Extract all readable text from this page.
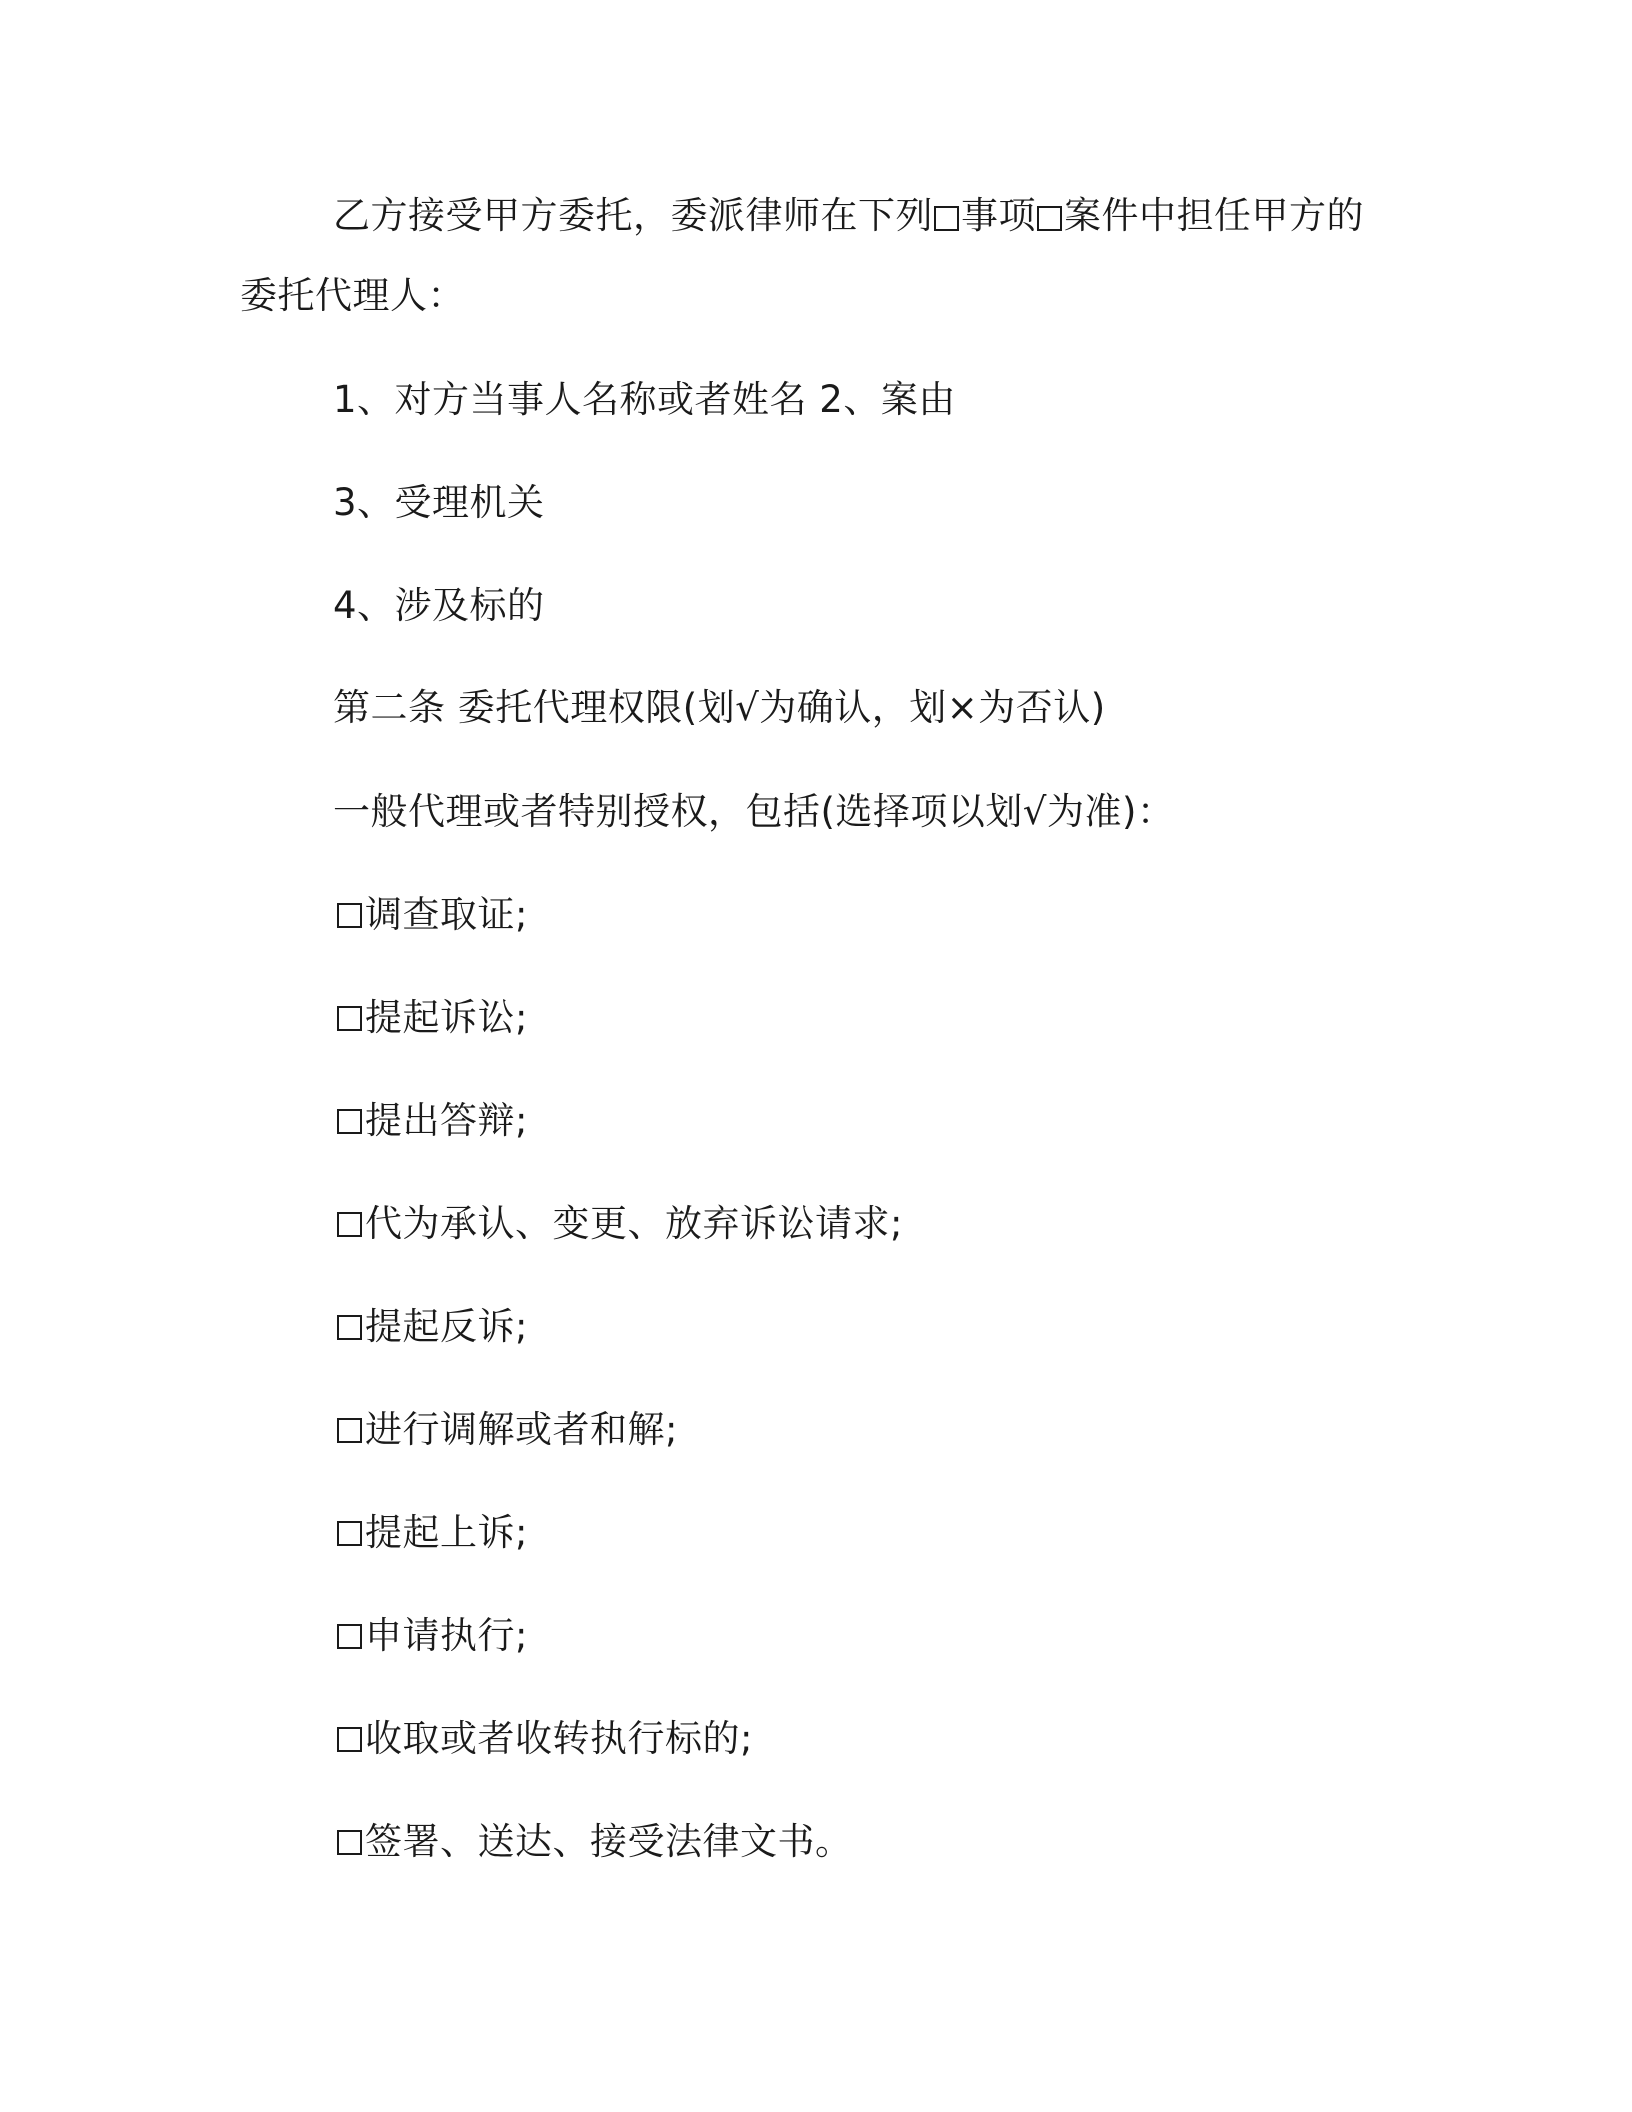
乙方接受甲方委托，委派律师在下列 事项 案件中担任甲方的
委托代理人：
1、对方当事人名称或者姓名 2、案由
3、受理机关
4、涉及标的
第二条 委托代理权限(划√为确认，划×为否认)
一般代理或者特别授权，包括(选择项以划√为准)：
调查取证;
提起诉讼;
提出答辩;
代为承认、变更、放弃诉讼请求;
提起反诉;
进行调解或者和解;
提起上诉;
申请执行;
收取或者收转执行标的;
签署、送达、接受法律文书。
